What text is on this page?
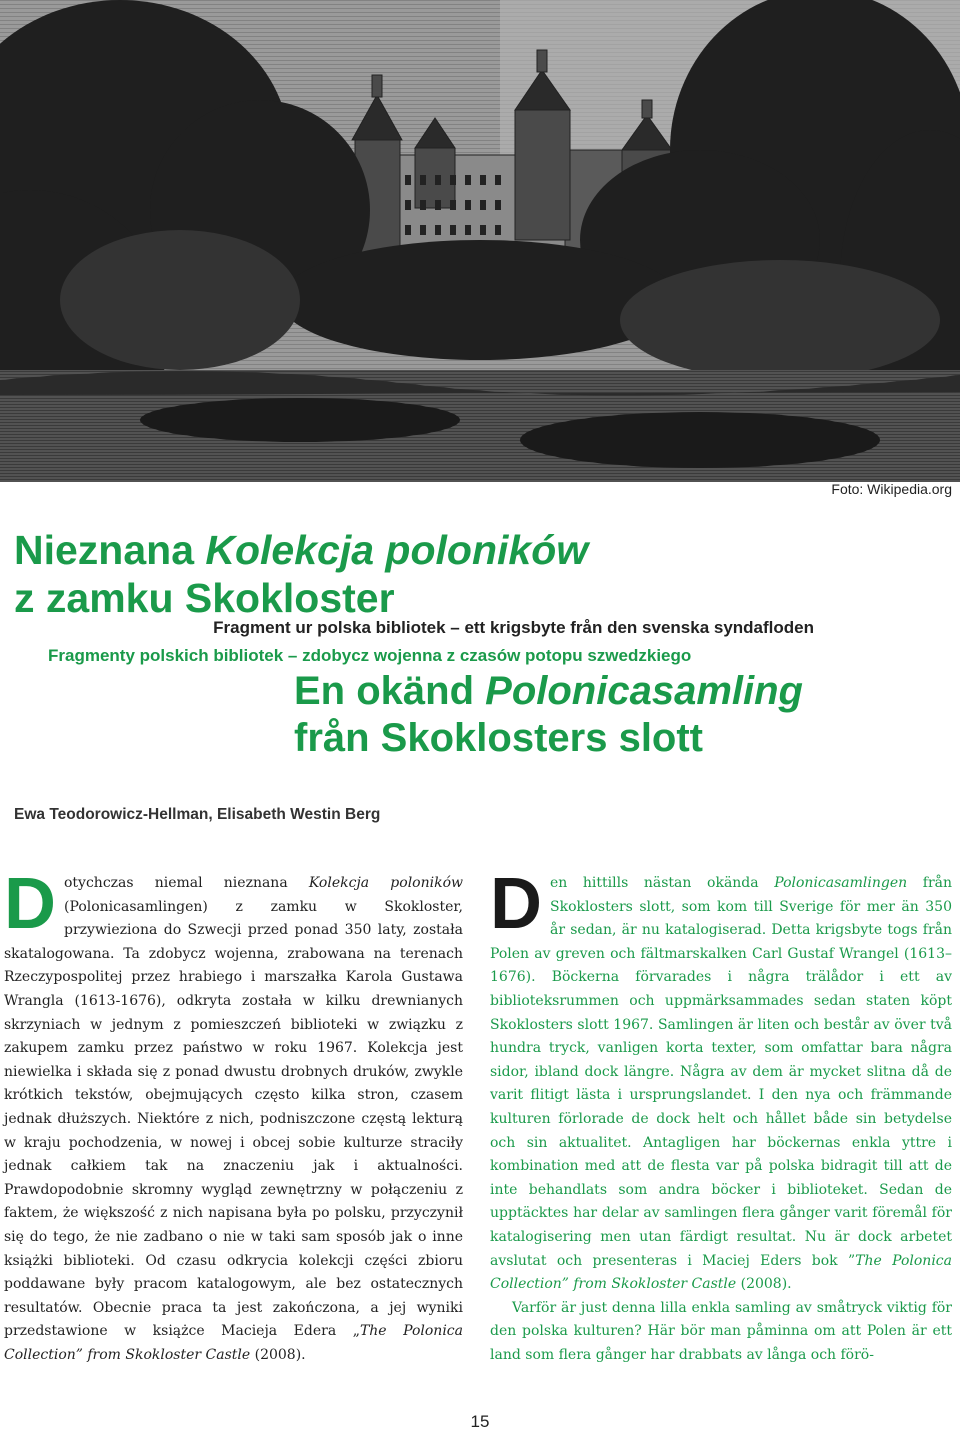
Foto: Wikipedia.org
Nieznana Kolekcja poloników
z zamku Skokloster
Fragment ur polska bibliotek – ett krigsbyte från den svenska syndafloden
Fragmenty polskich bibliotek – zdobycz wojenna z czasów potopu szwedzkiego
En okänd Polonicasamling
från Skoklosters slott
Ewa Teodorowicz-Hellman, Elisabeth Westin Berg

Dotychczas niemal nieznana Kolekcja poloników (Polonicasamlingen) z zamku w Skokloster, przywieziona do Szwecji przed ponad 350 laty, została skatalogowana. Ta zdobycz wojenna, zrabowana na terenach Rzeczypospolitej przez hrabiego i marszałka Karola Gustawa Wrangla (1613-1676), odkryta została w kilku drewnianych skrzyniach w jednym z pomieszczeń biblioteki w związku z zakupem zamku przez państwo w roku 1967. Kolekcja jest niewielka i składa się z ponad dwustu drobnych druków, zwykle krótkich tekstów, obejmujących często kilka stron, czasem jednak dłuższych. Niektóre z nich, podniszczone częstą lekturą w kraju pochodzenia, w nowej i obcej sobie kulturze straciły jednak całkiem tak na znaczeniu jak i aktualności. Prawdopodobnie skromny wygląd zewnętrzny w połączeniu z faktem, że większość z nich napisana była po polsku, przyczynił się do tego, że nie zadbano o nie w taki sam sposób jak o inne książki biblioteki. Od czasu odkrycia kolekcji części zbioru poddawane były pracom katalogowym, ale bez ostatecznych resultatów. Obecnie praca ta jest zakończona, a jej wyniki przedstawione w książce Macieja Edera „The Polonica Collection” from Skokloster Castle (2008).

Den hittills nästan okända Polonicasamlingen från Skoklosters slott, som kom till Sverige för mer än 350 år sedan, är nu katalogiserad. Detta krigsbyte togs från Polen av greven och fältmarskalken Carl Gustaf Wrangel (1613–1676). Böckerna förvarades i några trälådor i ett av biblioteksrummen och uppmärksammades sedan staten köpt Skoklosters slott 1967. Samlingen är liten och består av över två hundra tryck, vanligen korta texter, som omfattar bara några sidor, ibland dock längre. Några av dem är mycket slitna då de varit flitigt lästa i ursprungslandet. I den nya och främmande kulturen förlorade de dock helt och hållet både sin betydelse och sin aktualitet. Antagligen har böckernas enkla yttre i kombination med att de flesta var på polska bidragit till att de inte behandlats som andra böcker i biblioteket. Sedan de upptäcktes har delar av samlingen flera gånger varit föremål för katalogisering men utan färdigt resultat. Nu är dock arbetet avslutat och presenteras i Maciej Eders bok ”The Polonica Collection” from Skokloster Castle (2008).

Varför är just denna lilla enkla samling av småtryck viktig för den polska kulturen? Här bör man påminna om att Polen är ett land som flera gånger har drabbats av långa och förö-

15
